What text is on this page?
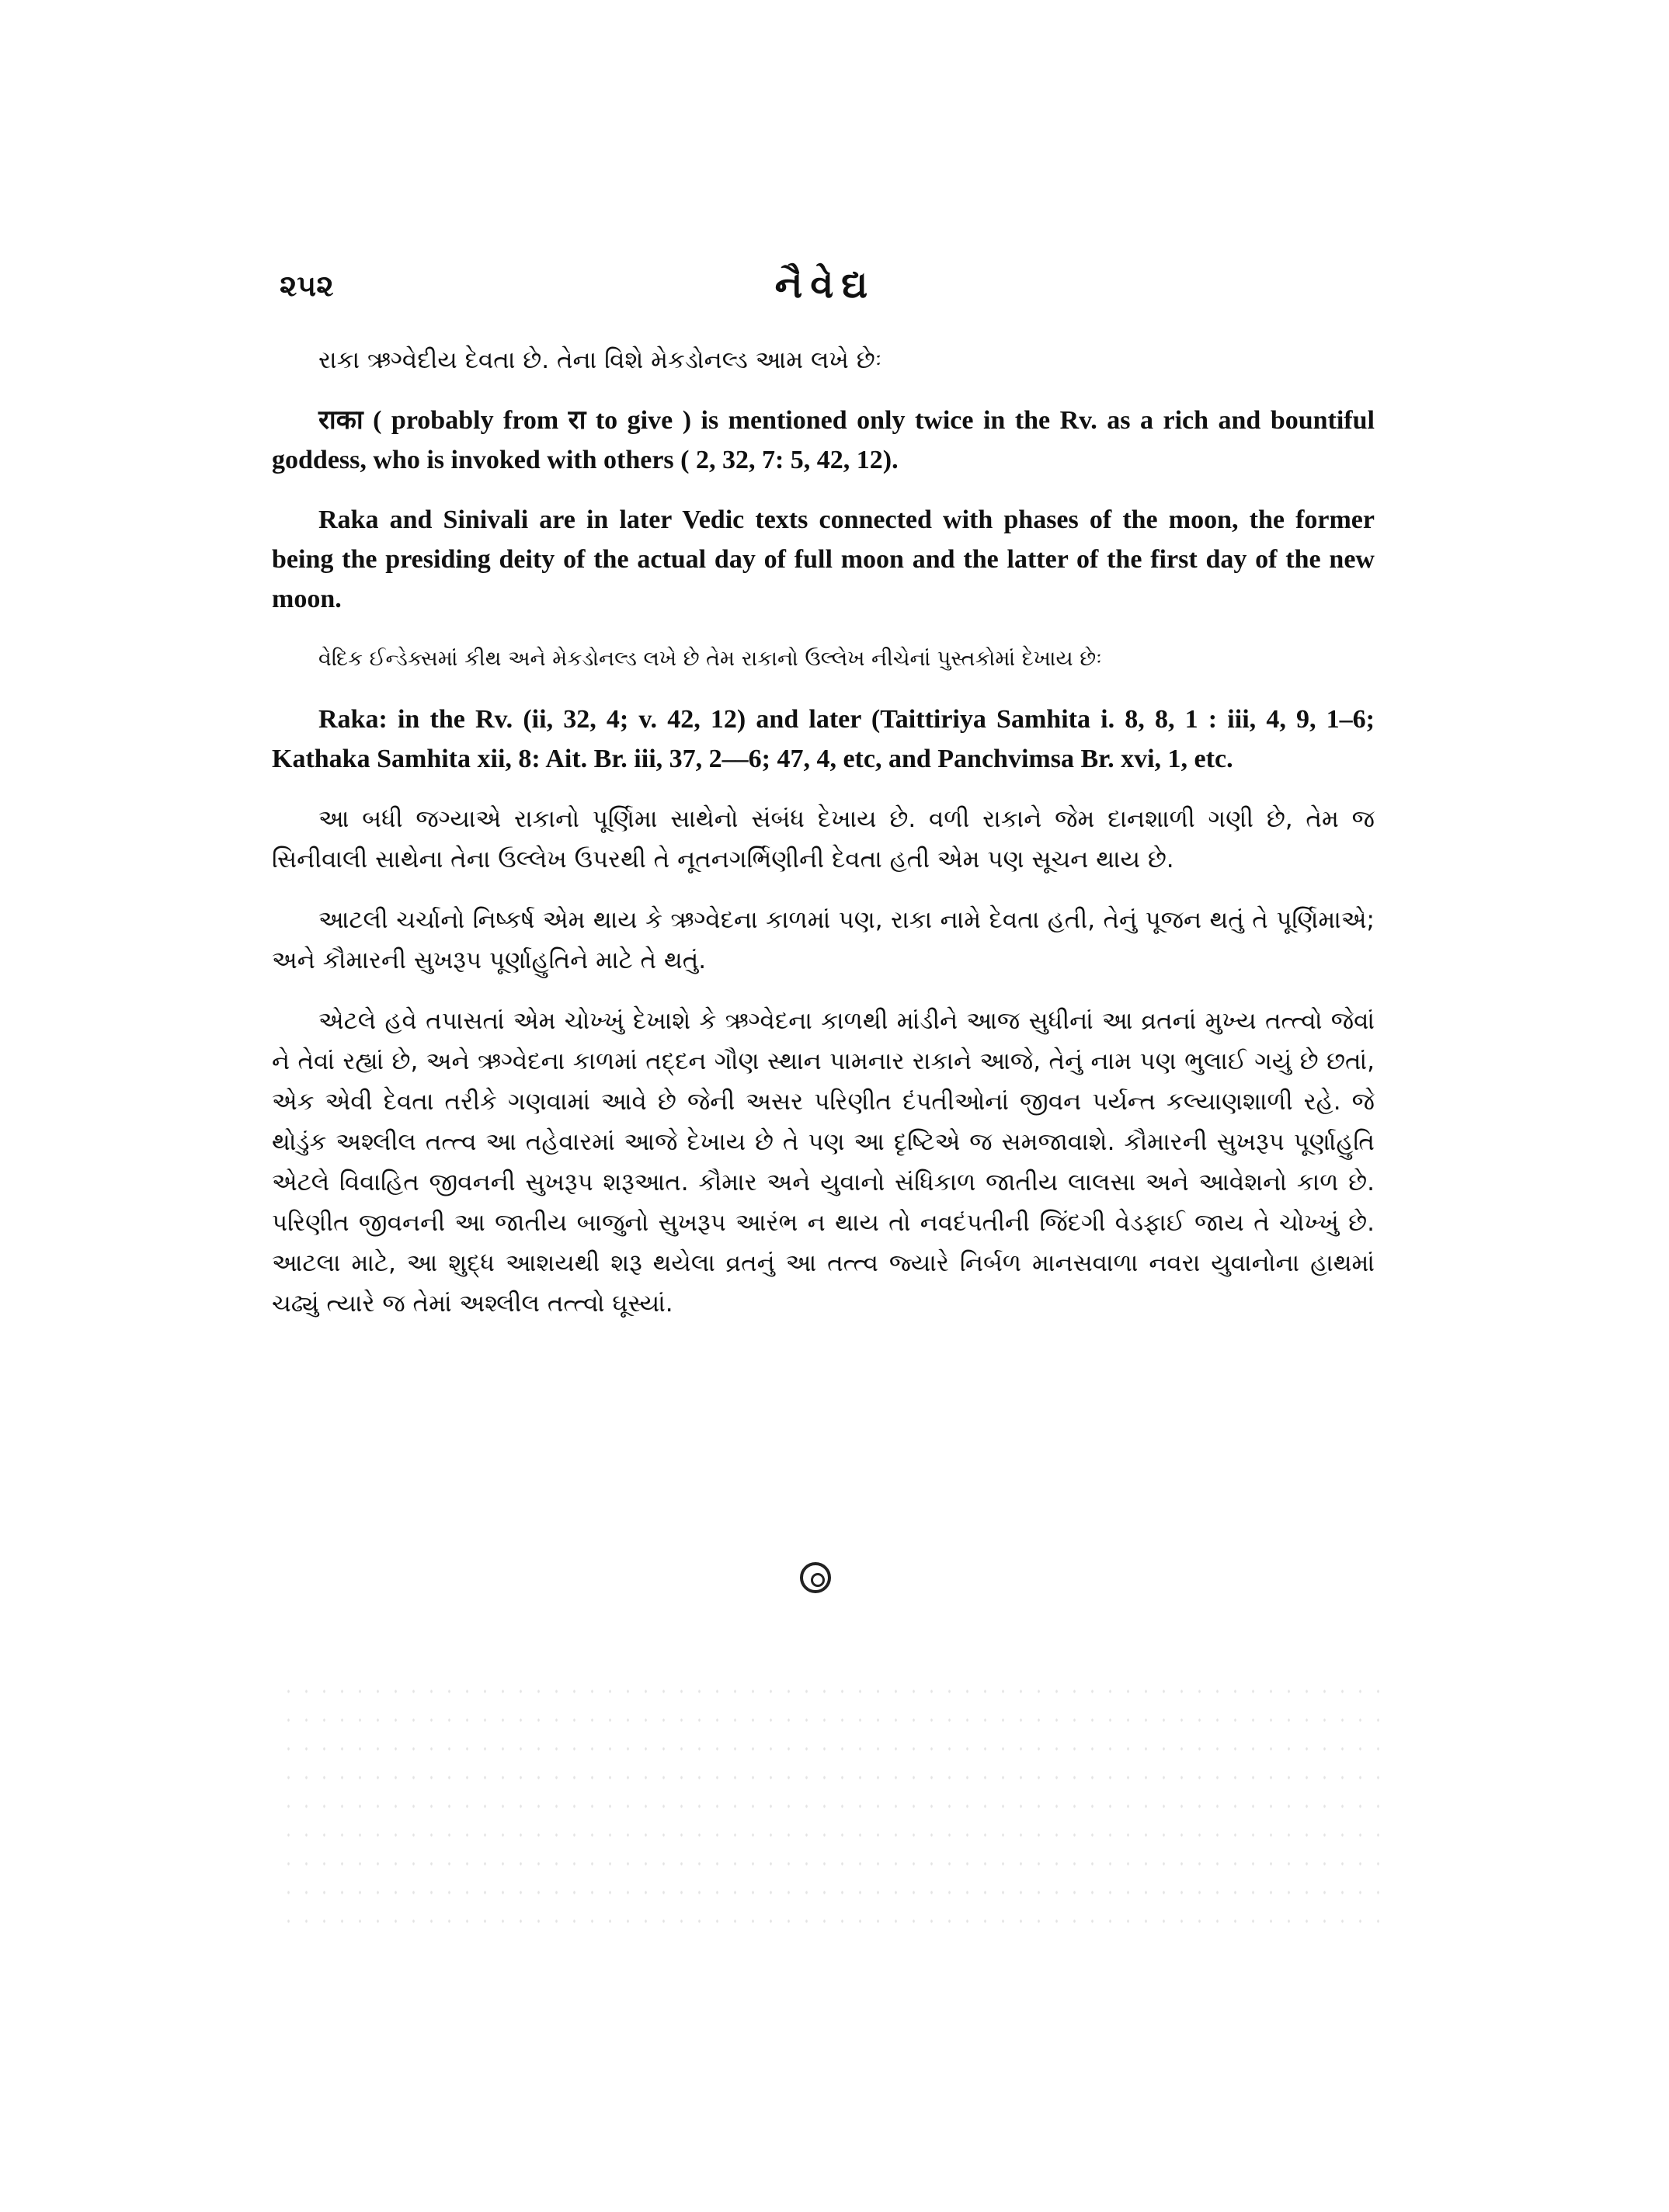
૨૫૨	નૈવેદ્ય

રાકા ઋગ્વેદીય દેવતા છે. તેના વિશે મેકડોનલ્ડ આમ લખે છેઃ

राका ( probably from रा to give ) is mentioned only twice in the Rv. as a rich and bountiful goddess, who is invoked with others ( 2, 32, 7: 5, 42, 12).

Raka and Sinivali are in later Vedic texts connected with phases of the moon, the former being the presiding deity of the actual day of full moon and the latter of the first day of the new moon.

વેદિક ઈન્ડેક્સમાં કીથ અને મેકડોનલ્ડ લખે છે તેમ રાકાનો ઉલ્લેખ નીચેનાં પુસ્તકોમાં દેખાય છેઃ

Raka: in the Rv. (ii, 32, 4; v. 42, 12) and later (Taittiriya Samhita i. 8, 8, 1 : iii, 4, 9, 1–6; Kathaka Samhita xii, 8: Ait. Br. iii, 37, 2––6; 47, 4, etc, and Panchvimsa Br. xvi, 1, etc.

આ બધી જગ્યાએ રાકાનો પૂર્ણિમા સાથેનો સંબંધ દેખાય છે. વળી રાકાને જેમ દાનશાળી ગણી છે, તેમ જ સિનીવાલી સાથેના તેના ઉલ્લેખ ઉપરથી તે નૂતનગર્ભિણીની દેવતા હતી એમ પણ સૂચન થાય છે.

આટલી ચર્ચાનો નિષ્કર્ષ એમ થાય કે ઋગ્વેદના કાળમાં પણ, રાકા નામે દેવતા હતી, તેનું પૂજન થતું તે પૂર્ણિમાએ; અને કૌમારની સુખરૂપ પૂર્ણાહુતિને માટે તે થતું.

એટલે હવે તપાસતાં એમ ચોખ્ખું દેખાશે કે ઋગ્વેદના કાળથી માંડીને આજ સુધીનાં આ વ્રતનાં મુખ્ય તત્ત્વો જેવાં ને તેવાં રહ્યાં છે, અને ઋગ્વેદના કાળમાં તદ્દન ગૌણ સ્થાન પામનાર રાકાને આજે, તેનું નામ પણ ભુલાઈ ગયું છે છતાં, એક એવી દેવતા તરીકે ગણવામાં આવે છે જેની અસર પરિણીત દંપતીઓનાં જીવન પર્યન્ત કલ્યાણશાળી રહે. જે થોડુંક અશ્લીલ તત્ત્વ આ તહેવારમાં આજે દેખાય છે તે પણ આ દૃષ્ટિએ જ સમજાવાશે. કૌમારની સુખરૂપ પૂર્ણાહુતિ એટલે વિવાહિત જીવનની સુખરૂપ શરૂઆત. કૌમાર અને યુવાનો સંધિકાળ જાતીય લાલસા અને આવેશનો કાળ છે. પરિણીત જીવનની આ જાતીય બાજુનો સુખરૂપ આરંભ ન થાય તો નવદંપતીની જિંદગી વેડફાઈ જાય તે ચોખ્ખું છે. આટલા માટે, આ શુદ્ધ આશયથી શરૂ થયેલા વ્રતનું આ તત્ત્વ જ્યારે નિર્બળ માનસવાળા નવરા યુવાનોના હાથમાં ચઢ્યું ત્યારે જ તેમાં અશ્લીલ તત્ત્વો ઘૂસ્યાં.
